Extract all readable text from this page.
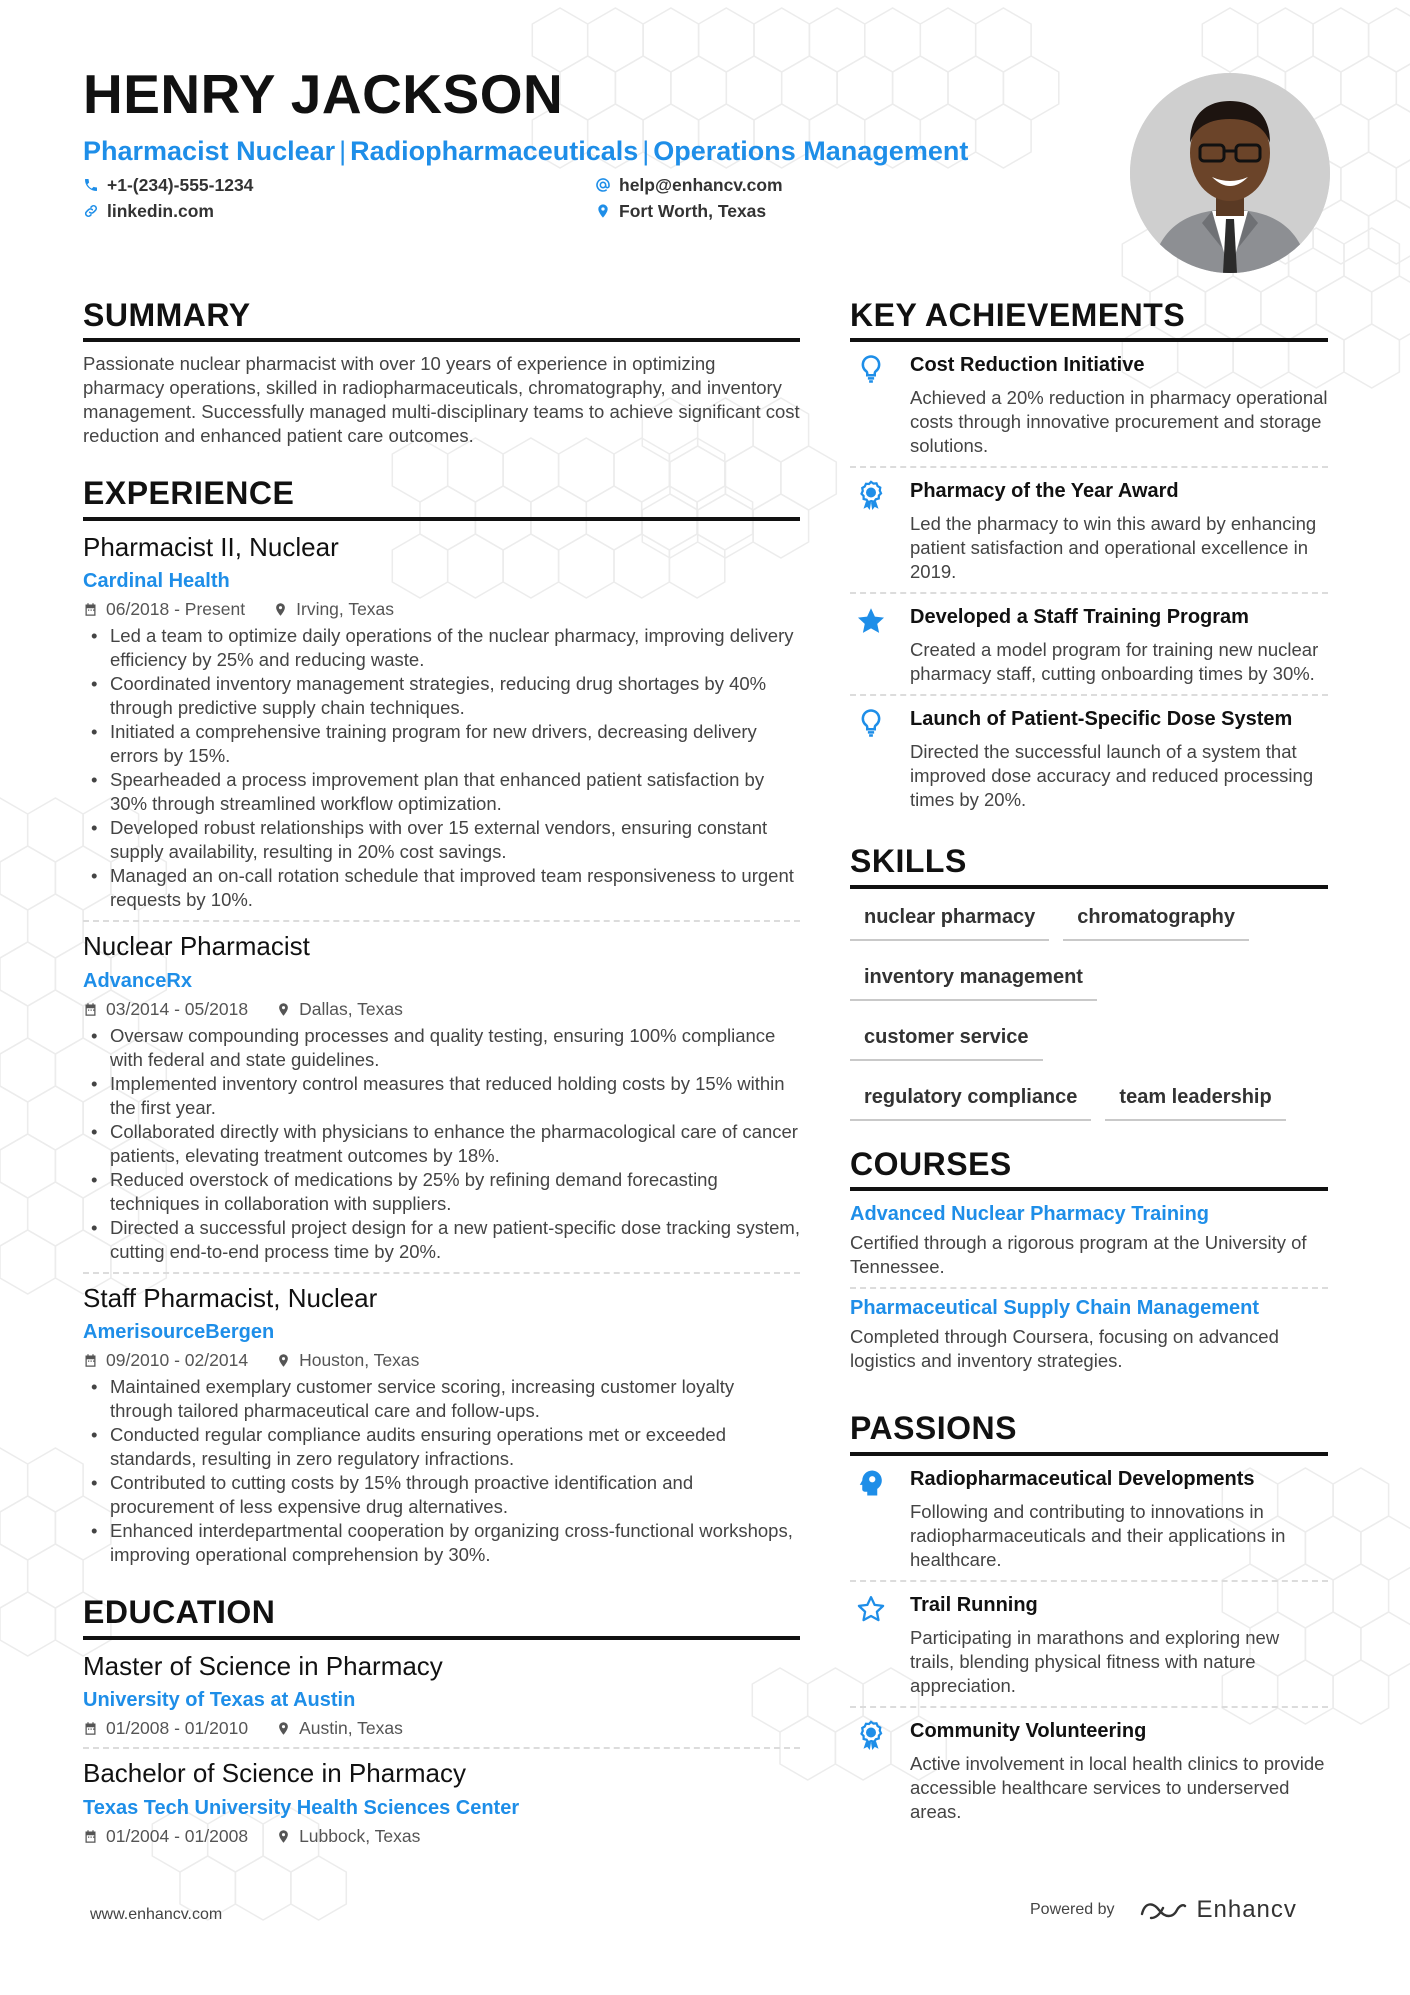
HENRY JACKSON
Pharmacist Nuclear | Radiopharmaceuticals | Operations Management
+1-(234)-555-1234	help@enhancv.com
linkedin.com	Fort Worth, Texas
SUMMARY
Passionate nuclear pharmacist with over 10 years of experience in optimizing pharmacy operations, skilled in radiopharmaceuticals, chromatography, and inventory management. Successfully managed multi-disciplinary teams to achieve significant cost reduction and enhanced patient care outcomes.
EXPERIENCE
Pharmacist II, Nuclear
Cardinal Health
06/2018 - Present	Irving, Texas
• Led a team to optimize daily operations of the nuclear pharmacy, improving delivery efficiency by 25% and reducing waste.
• Coordinated inventory management strategies, reducing drug shortages by 40% through predictive supply chain techniques.
• Initiated a comprehensive training program for new drivers, decreasing delivery errors by 15%.
• Spearheaded a process improvement plan that enhanced patient satisfaction by 30% through streamlined workflow optimization.
• Developed robust relationships with over 15 external vendors, ensuring constant supply availability, resulting in 20% cost savings.
• Managed an on-call rotation schedule that improved team responsiveness to urgent requests by 10%.
Nuclear Pharmacist
AdvanceRx
03/2014 - 05/2018	Dallas, Texas
• Oversaw compounding processes and quality testing, ensuring 100% compliance with federal and state guidelines.
• Implemented inventory control measures that reduced holding costs by 15% within the first year.
• Collaborated directly with physicians to enhance the pharmacological care of cancer patients, elevating treatment outcomes by 18%.
• Reduced overstock of medications by 25% by refining demand forecasting techniques in collaboration with suppliers.
• Directed a successful project design for a new patient-specific dose tracking system, cutting end-to-end process time by 20%.
Staff Pharmacist, Nuclear
AmerisourceBergen
09/2010 - 02/2014	Houston, Texas
• Maintained exemplary customer service scoring, increasing customer loyalty through tailored pharmaceutical care and follow-ups.
• Conducted regular compliance audits ensuring operations met or exceeded standards, resulting in zero regulatory infractions.
• Contributed to cutting costs by 15% through proactive identification and procurement of less expensive drug alternatives.
• Enhanced interdepartmental cooperation by organizing cross-functional workshops, improving operational comprehension by 30%.
EDUCATION
Master of Science in Pharmacy
University of Texas at Austin
01/2008 - 01/2010	Austin, Texas
Bachelor of Science in Pharmacy
Texas Tech University Health Sciences Center
01/2004 - 01/2008	Lubbock, Texas
KEY ACHIEVEMENTS
Cost Reduction Initiative
Achieved a 20% reduction in pharmacy operational costs through innovative procurement and storage solutions.
Pharmacy of the Year Award
Led the pharmacy to win this award by enhancing patient satisfaction and operational excellence in 2019.
Developed a Staff Training Program
Created a model program for training new nuclear pharmacy staff, cutting onboarding times by 30%.
Launch of Patient-Specific Dose System
Directed the successful launch of a system that improved dose accuracy and reduced processing times by 20%.
SKILLS
nuclear pharmacy	chromatography
inventory management
customer service
regulatory compliance	team leadership
COURSES
Advanced Nuclear Pharmacy Training
Certified through a rigorous program at the University of Tennessee.
Pharmaceutical Supply Chain Management
Completed through Coursera, focusing on advanced logistics and inventory strategies.
PASSIONS
Radiopharmaceutical Developments
Following and contributing to innovations in radiopharmaceuticals and their applications in healthcare.
Trail Running
Participating in marathons and exploring new trails, blending physical fitness with nature appreciation.
Community Volunteering
Active involvement in local health clinics to provide accessible healthcare services to underserved areas.
www.enhancv.com	Powered by	Enhancv
